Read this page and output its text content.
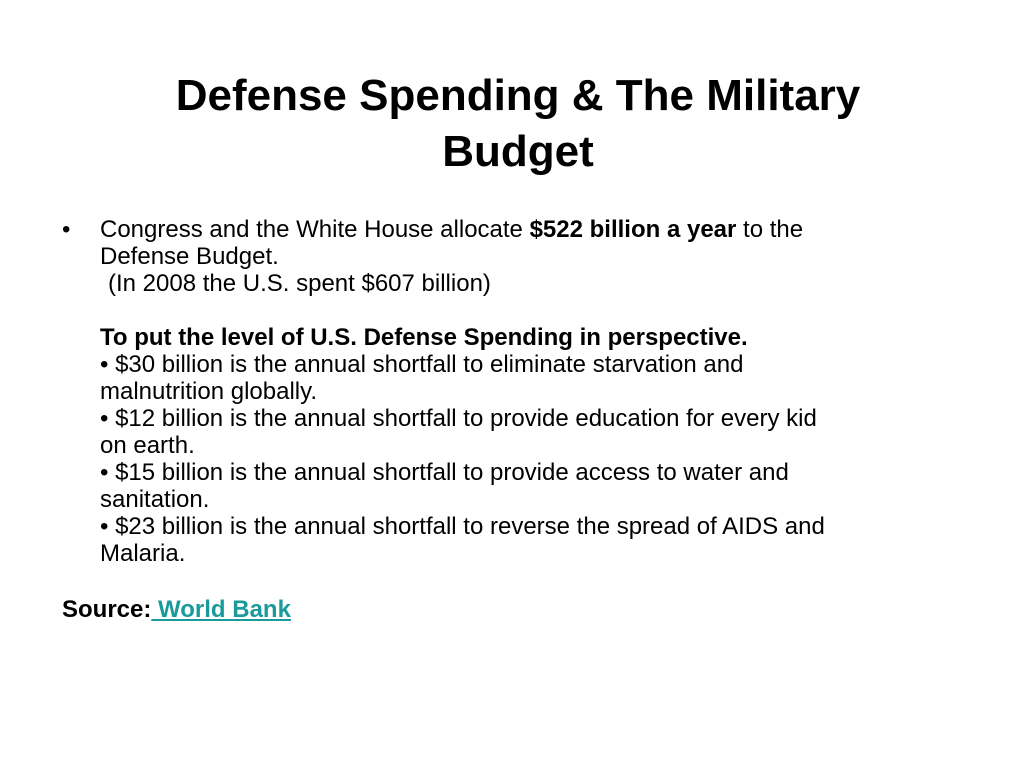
Defense Spending & The Military
Budget
• Congress and the White House allocate $522 billion a year to the
Defense Budget.
(In 2008 the U.S. spent $607 billion)
To put the level of U.S. Defense Spending in perspective.
• $30 billion is the annual shortfall to eliminate starvation and
malnutrition globally.
• $12 billion is the annual shortfall to provide education for every kid
on earth.
• $15 billion is the annual shortfall to provide access to water and
sanitation.
• $23 billion is the annual shortfall to reverse the spread of AIDS and
Malaria.
Source: World Bank
